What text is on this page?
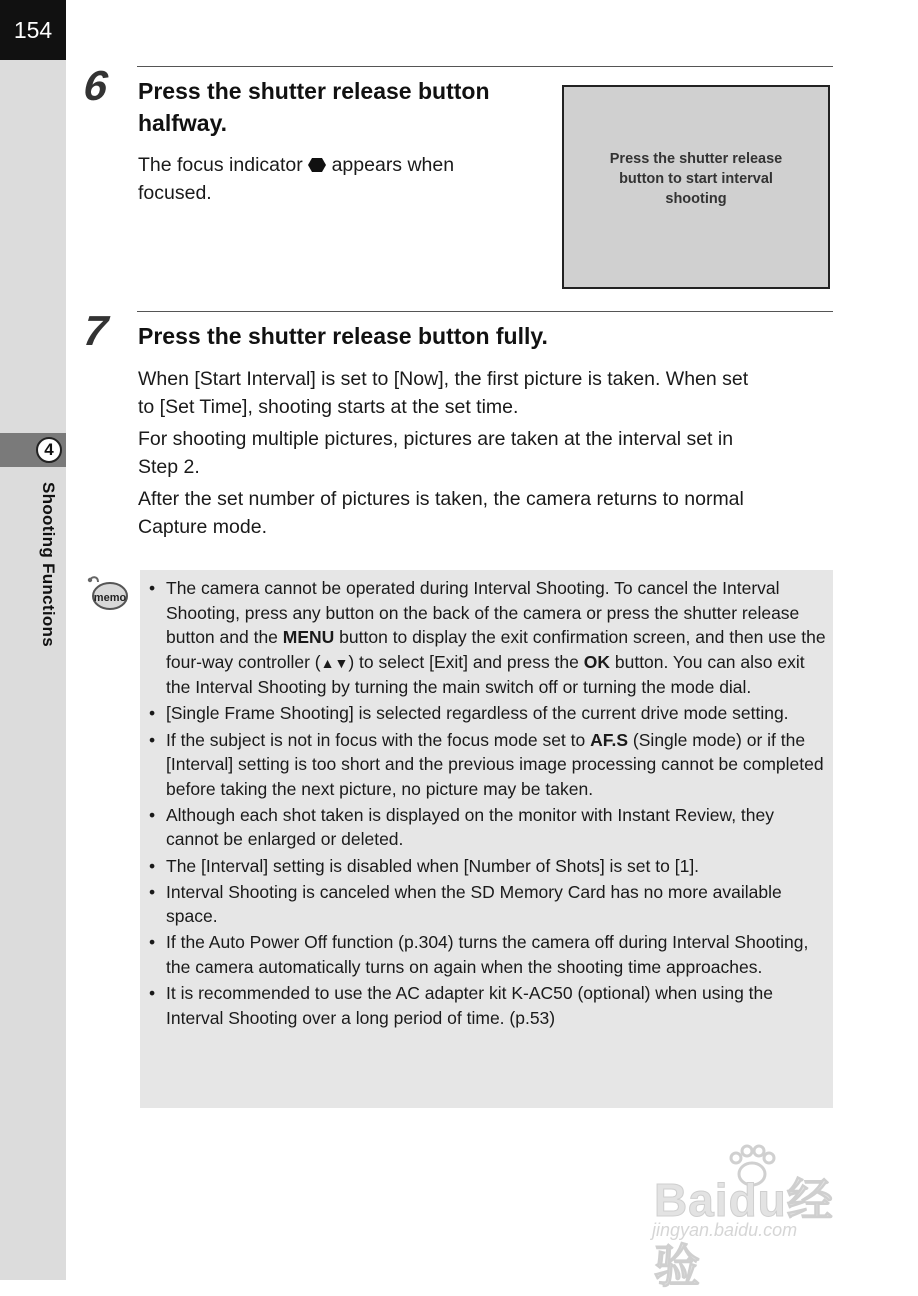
154
4
Shooting Functions
6 Press the shutter release button
halfway.
The focus indicator  appears when
focused.
Press the shutter release
button to start interval
shooting
7 Press the shutter release button fully.
When [Start Interval] is set to [Now], the first picture is taken. When set
to [Set Time], shooting starts at the set time.
For shooting multiple pictures, pictures are taken at the interval set in
Step 2.
After the set number of pictures is taken, the camera returns to normal
Capture mode.
memo
• The camera cannot be operated during Interval Shooting. To cancel the Interval Shooting, press any button on the back of the camera or press the shutter release button and the MENU button to display the exit confirmation screen, and then use the four-way controller (▲▼) to select [Exit] and press the OK button. You can also exit the Interval Shooting by turning the main switch off or turning the mode dial.
• [Single Frame Shooting] is selected regardless of the current drive mode setting.
• If the subject is not in focus with the focus mode set to AF.S (Single mode) or if the [Interval] setting is too short and the previous image processing cannot be completed before taking the next picture, no picture may be taken.
• Although each shot taken is displayed on the monitor with Instant Review, they cannot be enlarged or deleted.
• The [Interval] setting is disabled when [Number of Shots] is set to [1].
• Interval Shooting is canceled when the SD Memory Card has no more available space.
• If the Auto Power Off function (p.304) turns the camera off during Interval Shooting, the camera automatically turns on again when the shooting time approaches.
• It is recommended to use the AC adapter kit K-AC50 (optional) when using the Interval Shooting over a long period of time. (p.53)
Baidu经验
jingyan.baidu.com
